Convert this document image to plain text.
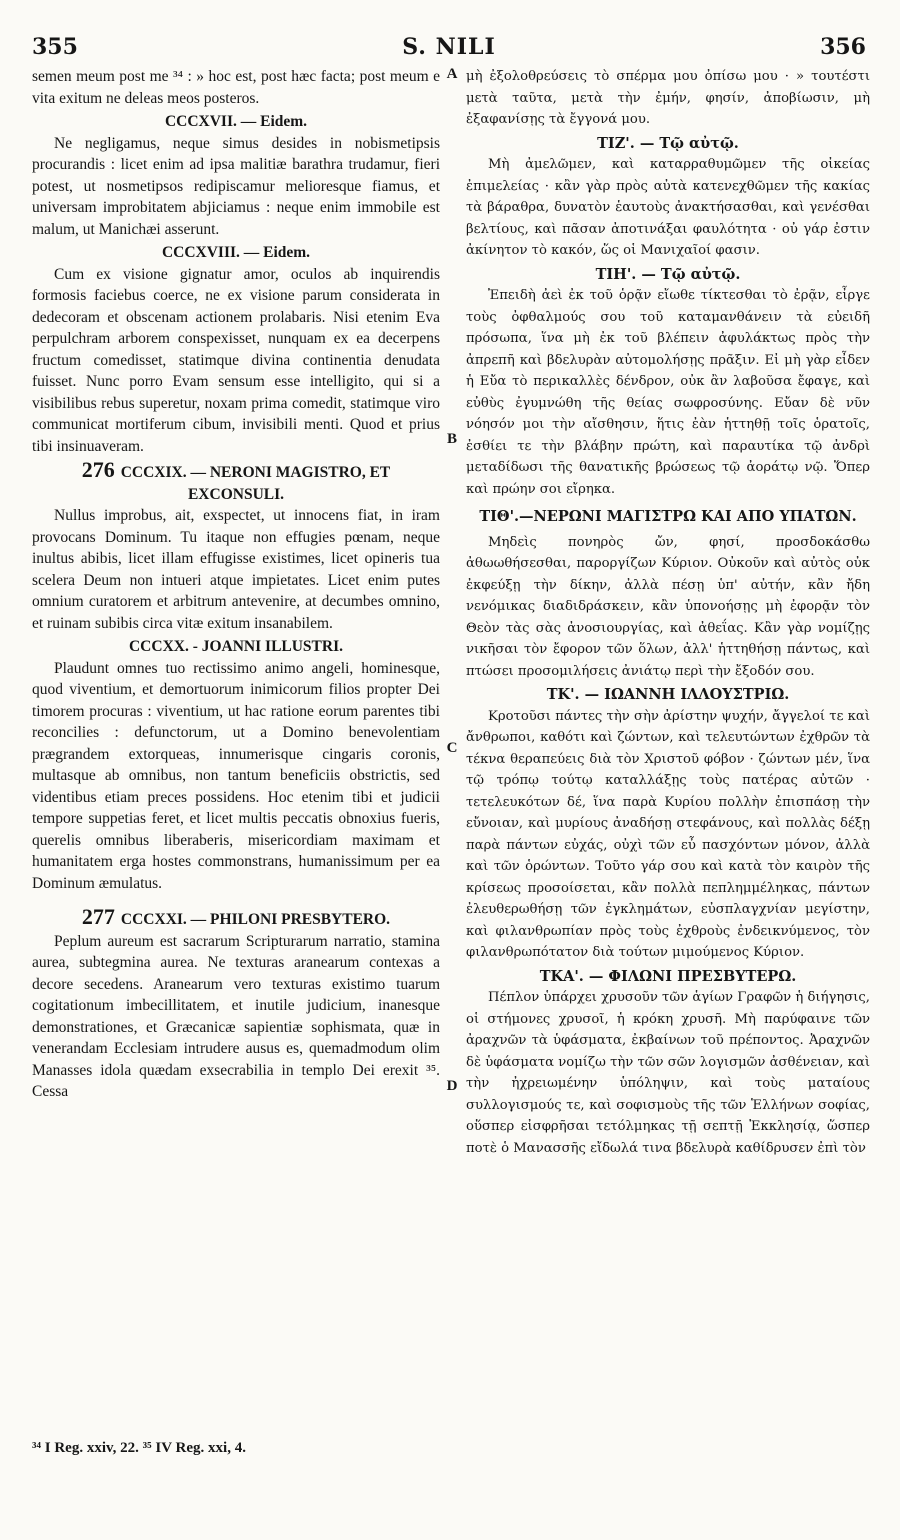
355	S. NILI	356

semen meum post me ³⁴ : » hoc est, post hæc facta; post meum e vita exitum ne deleas meos posteros.

CCCXVII. — Eidem.

Ne negligamus, neque simus desides in nobismetipsis procurandis : licet enim ad ipsa malitiæ barathra trudamur, fieri potest, ut nosmetipsos redipiscamur melioresque fiamus, et universam improbitatem abjiciamus : neque enim immobile est malum, ut Manichæi asserunt.

CCCXVIII. — Eidem.

Cum ex visione gignatur amor, oculos ab inquirendis formosis faciebus coerce, ne ex visione parum considerata in dedecoram et obscenam actionem prolabaris. Nisi etenim Eva perpulchram arborem conspexisset, nunquam ex ea decerpens fructum comedisset, statimque divina continentia denudata fuisset. Nunc porro Evam sensum esse intelligito, qui si a visibilibus rebus superetur, noxam prima comedit, statimque viro communicat mortiferum cibum, invisibili menti. Quod et prius tibi insinuaveram.

276 CCCXIX. — NERONI MAGISTRO, ET EXCONSULI.

Nullus improbus, ait, exspectet, ut innocens fiat, in iram provocans Dominum. Tu itaque non effugies pœnam, neque inultus abibis, licet illam effugisse existimes, licet opineris tua scelera Deum non intueri atque impietates. Licet enim putes omnium curatorem et arbitrum antevenire, at decumbes omnino, et ruinam subibis circa vitæ exitum insanabilem.

CCCXX. - JOANNI ILLUSTRI.

Plaudunt omnes tuo rectissimo animo angeli, hominesque, quod viventium, et demortuorum inimicorum filios propter Dei timorem procuras : viventium, ut hac ratione eorum parentes tibi reconcilies : defunctorum, ut a Domino benevolentiam prægrandem extorqueas, innumerisque cingaris coronis, multasque ab omnibus, non tantum beneficiis obstrictis, sed videntibus etiam preces possidens. Hoc etenim tibi et judicii tempore suppetias feret, et licet multis peccatis obnoxius fueris, querelis omnibus liberaberis, misericordiam maximam et humanitatem erga hostes commonstrans, humanissimum per ea Dominum æmulatus.

277 CCCXXI. — PHILONI PRESBYTERO.

Peplum aureum est sacrarum Scripturarum narratio, stamina aurea, subtegmina aurea. Ne texturas aranearum contexas a decore secedens. Aranearum vero texturas existimo tuarum cogitationum imbecillitatem, et inutile judicium, inanesque demonstrationes, et Græcanicæ sapientiæ sophismata, quæ in venerandam Ecclesiam intrudere ausus es, quemadmodum olim Manasses idola quædam exsecrabilia in templo Dei erexit ³⁵. Cessa

μὴ ἐξολοθρεύσεις τὸ σπέρμα μου ὀπίσω μου · » τουτέστι μετὰ ταῦτα, μετὰ τὴν ἐμήν, φησίν, ἀποβίωσιν, μὴ ἐξαφανίσῃς τὰ ἔγγονά μου.

ΤΙΖ'. — Τῷ αὐτῷ.

Μὴ ἀμελῶμεν, καὶ καταρραθυμῶμεν τῆς οἰκείας ἐπιμελείας · κἂν γὰρ πρὸς αὐτὰ κατενεχθῶμεν τῆς κακίας τὰ βάραθρα, δυνατὸν ἑαυτοὺς ἀνακτήσασθαι, καὶ γενέσθαι βελτίους, καὶ πᾶσαν ἀποτινάξαι φαυλότητα · οὐ γάρ ἐστιν ἀκίνητον τὸ κακόν, ὥς οἱ Μανιχαῖοί φασιν.

ΤΙΗ'. — Τῷ αὐτῷ.

Ἐπειδὴ ἀεὶ ἐκ τοῦ ὁρᾷν εἴωθε τίκτεσθαι τὸ ἐρᾷν, εἶργε τοὺς ὀφθαλμούς σου τοῦ καταμανθάνειν τὰ εὐειδῆ πρόσωπα, ἵνα μὴ ἐκ τοῦ βλέπειν ἀφυλάκτως πρὸς τὴν ἀπρεπῆ καὶ βδελυρὰν αὐτομολήσῃς πρᾶξιν. Εἰ μὴ γὰρ εἶδεν ἡ Εὔα τὸ περικαλλὲς δένδρον, οὐκ ἂν λαβοῦσα ἔφαγε, καὶ εὐθὺς ἐγυμνώθη τῆς θείας σωφροσύνης. Εὔαν δὲ νῦν νόησόν μοι τὴν αἴσθησιν, ἥτις ἐὰν ἡττηθῇ τοῖς ὁρατοῖς, ἐσθίει τε τὴν βλάβην πρώτη, καὶ παραυτίκα τῷ ἀνδρὶ μεταδίδωσι τῆς θανατικῆς βρώσεως τῷ ἀοράτῳ νῷ. Ὅπερ καὶ πρώην σοι εἴρηκα.

ΤΙΘ'.—ΝΕΡΩΝΙ ΜΑΓΙΣΤΡΩ ΚΑΙ ΑΠΟ ΥΠΑΤΩΝ.

Μηδεὶς πονηρὸς ὤν, φησί, προσδοκάσθω ἀθωωθήσεσθαι, παροργίζων Κύριον. Οὐκοῦν καὶ αὐτὸς οὐκ ἐκφεύξῃ τὴν δίκην, ἀλλὰ πέσῃ ὑπ' αὐτήν, κἂν ἤδη νενόμικας διαδιδράσκειν, κἂν ὑπονοήσῃς μὴ ἐφορᾷν τὸν Θεὸν τὰς σὰς ἀνοσιουργίας, καὶ ἀθεΐας. Κἂν γὰρ νομίζῃς νικῆσαι τὸν ἔφορον τῶν ὅλων, ἀλλ' ἡττηθήσῃ πάντως, καὶ πτώσει προσομιλήσεις ἀνιάτῳ περὶ τὴν ἔξοδόν σου.

ΤΚ'. — ΙΩΑΝΝΗ ΙΛΛΟΥΣΤΡΙΩ.

Κροτοῦσι πάντες τὴν σὴν ἀρίστην ψυχήν, ἄγγελοί τε καὶ ἄνθρωποι, καθότι καὶ ζώντων, καὶ τελευτώντων ἐχθρῶν τὰ τέκνα θεραπεύεις διὰ τὸν Χριστοῦ φόβον · ζώντων μέν, ἵνα τῷ τρόπῳ τούτῳ καταλλάξῃς τοὺς πατέρας αὐτῶν · τετελευκότων δέ, ἵνα παρὰ Κυρίου πολλὴν ἐπισπάσῃ τὴν εὔνοιαν, καὶ μυρίους ἀναδήσῃ στεφάνους, καὶ πολλὰς δέξῃ παρὰ πάντων εὐχάς, οὐχὶ τῶν εὖ πασχόντων μόνον, ἀλλὰ καὶ τῶν ὁρώντων. Τοῦτο γάρ σου καὶ κατὰ τὸν καιρὸν τῆς κρίσεως προσοίσεται, κἂν πολλὰ πεπλημμέληκας, πάντων ἐλευθερωθήσῃ τῶν ἐγκλημάτων, εὐσπλαγχνίαν μεγίστην, καὶ φιλανθρωπίαν πρὸς τοὺς ἐχθροὺς ἐνδεικνύμενος, τὸν φιλανθρωπότατον διὰ τούτων μιμούμενος Κύριον.

ΤΚΑ'. — ΦΙΛΩΝΙ ΠΡΕΣΒΥΤΕΡΩ.

Πέπλον ὑπάρχει χρυσοῦν τῶν ἁγίων Γραφῶν ἡ διήγησις, οἱ στήμονες χρυσοῖ, ἡ κρόκη χρυσῆ. Μὴ παρύφαινε τῶν ἀραχνῶν τὰ ὑφάσματα, ἐκβαίνων τοῦ πρέποντος. Ἀραχνῶν δὲ ὑφάσματα νομίζω τὴν τῶν σῶν λογισμῶν ἀσθένειαν, καὶ τὴν ἠχρειωμένην ὑπόληψιν, καὶ τοὺς ματαίους συλλογισμούς τε, καὶ σοφισμοὺς τῆς τῶν Ἑλλήνων σοφίας, οὕσπερ εἰσφρῆσαι τετόλμηκας τῇ σεπτῇ Ἐκκλησίᾳ, ὥσπερ ποτὲ ὁ Μανασσῆς εἴδωλά τινα βδελυρὰ καθίδρυσεν ἐπὶ τὸν

A
B
C
D
³⁴ I Reg. xxiv, 22. ³⁵ IV Reg. xxi, 4.
